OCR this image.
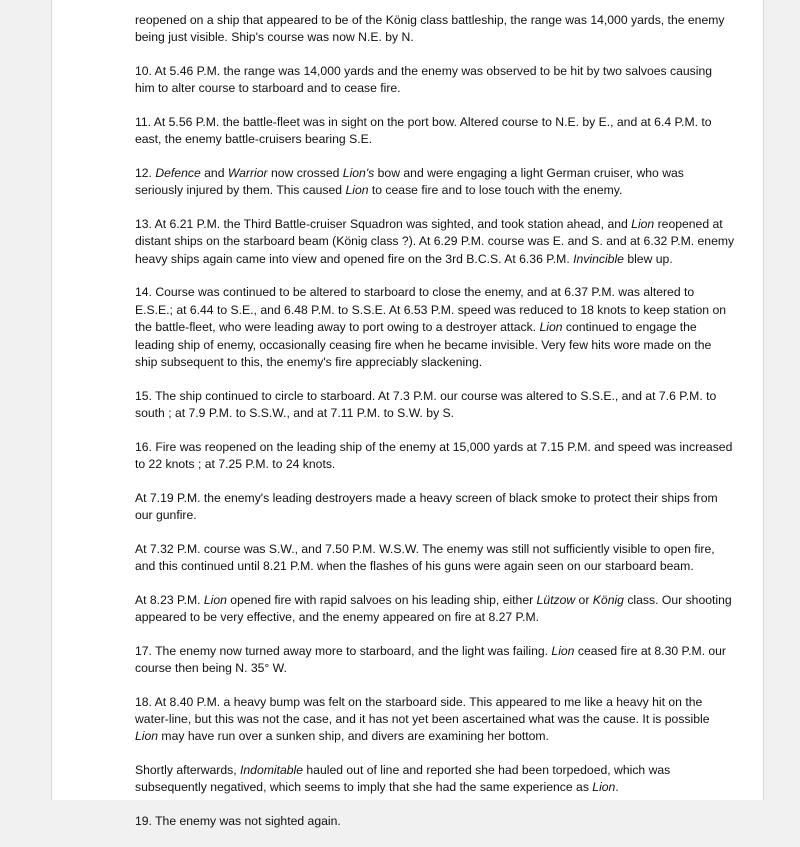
reopened on a ship that appeared to be of the König class battleship, the range was 14,000 yards, the enemy being just visible. Ship's course was now N.E. by N.

10. At 5.46 P.M. the range was 14,000 yards and the enemy was observed to be hit by two salvoes causing him to alter course to starboard and to cease fire.

11. At 5.56 P.M. the battle-fleet was in sight on the port bow. Altered course to N.E. by E., and at 6.4 P.M. to east, the enemy battle-cruisers bearing S.E.

12. Defence and Warrior now crossed Lion's bow and were engaging a light German cruiser, who was seriously injured by them. This caused Lion to cease fire and to lose touch with the enemy.

13. At 6.21 P.M. the Third Battle-cruiser Squadron was sighted, and took station ahead, and Lion reopened at distant ships on the starboard beam (König class ?). At 6.29 P.M. course was E. and S. and at 6.32 P.M. enemy heavy ships again came into view and opened fire on the 3rd B.C.S. At 6.36 P.M. Invincible blew up.

14. Course was continued to be altered to starboard to close the enemy, and at 6.37 P.M. was altered to E.S.E.; at 6.44 to S.E., and 6.48 P.M. to S.S.E. At 6.53 P.M. speed was reduced to 18 knots to keep station on the battle-fleet, who were leading away to port owing to a destroyer attack. Lion continued to engage the leading ship of enemy, occasionally ceasing fire when he became invisible. Very few hits wore made on the ship subsequent to this, the enemy's fire appreciably slackening.

15. The ship continued to circle to starboard. At 7.3 P.M. our course was altered to S.S.E., and at 7.6 P.M. to south ; at 7.9 P.M. to S.S.W., and at 7.11 P.M. to S.W. by S.

16. Fire was reopened on the leading ship of the enemy at 15,000 yards at 7.15 P.M. and speed was increased to 22 knots ; at 7.25 P.M. to 24 knots.

At 7.19 P.M. the enemy's leading destroyers made a heavy screen of black smoke to protect their ships from our gunfire.

At 7.32 P.M. course was S.W., and 7.50 P.M. W.S.W. The enemy was still not sufficiently visible to open fire, and this continued until 8.21 P.M. when the flashes of his guns were again seen on our starboard beam.

At 8.23 P.M. Lion opened fire with rapid salvoes on his leading ship, either Lützow or König class. Our shooting appeared to be very effective, and the enemy appeared on fire at 8.27 P.M.

17. The enemy now turned away more to starboard, and the light was failing. Lion ceased fire at 8.30 P.M. our course then being N. 35° W.

18. At 8.40 P.M. a heavy bump was felt on the starboard side. This appeared to me like a heavy hit on the water-line, but this was not the case, and it has not yet been ascertained what was the cause. It is possible Lion may have run over a sunken ship, and divers are examining her bottom.

Shortly afterwards, Indomitable hauled out of line and reported she had been torpedoed, which was subsequently negatived, which seems to imply that she had the same experience as Lion.

19. The enemy was not sighted again.
